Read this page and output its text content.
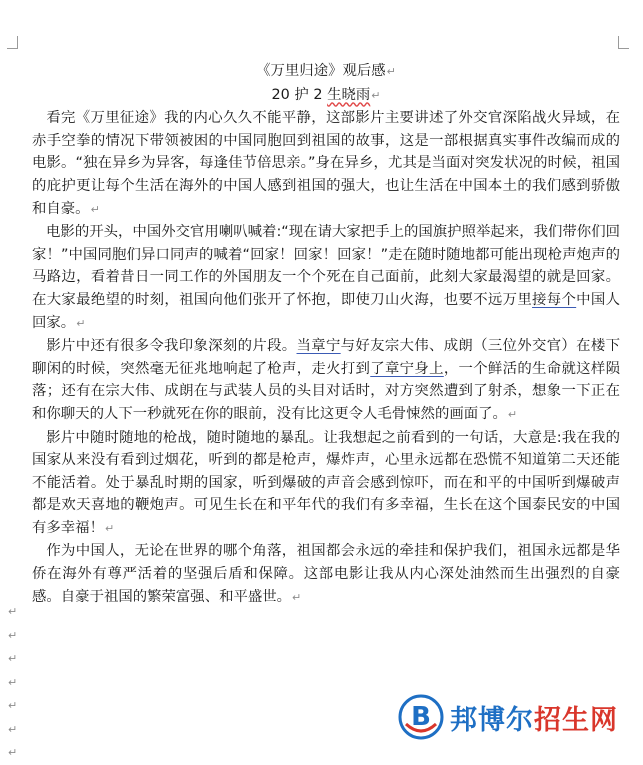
《万里归途》观后感↵

20 护 2 生晓雨↵

　看完《万里征途》我的内心久久不能平静，这部影片主要讲述了外交官深陷战火异域，在赤手空拳的情况下带领被困的中国同胞回到祖国的故事，这是一部根据真实事件改编而成的电影。“独在异乡为异客，每逢佳节倍思亲。”身在异乡，尤其是当面对突发状况的时候，祖国的庇护更让每个生活在海外的中国人感到祖国的强大，也让生活在中国本土的我们感到骄傲和自豪。↵

　电影的开头，中国外交官用喇叭喊着:“现在请大家把手上的国旗护照举起来，我们带你们回家！”中国同胞们异口同声的喊着“回家！回家！回家！”走在随时随地都可能出现枪声炮声的马路边，看着昔日一同工作的外国朋友一个个死在自己面前，此刻大家最渴望的就是回家。在大家最绝望的时刻，祖国向他们张开了怀抱，即使刀山火海，也要不远万里接每个中国人回家。↵

　影片中还有很多令我印象深刻的片段。当章宁与好友宗大伟、成朗（三位外交官）在楼下聊闲的时候，突然毫无征兆地响起了枪声，走火打到了章宁身上，一个鲜活的生命就这样陨落；还有在宗大伟、成朗在与武装人员的头目对话时，对方突然遭到了射杀，想象一下正在和你聊天的人下一秒就死在你的眼前，没有比这更令人毛骨悚然的画面了。↵

　影片中随时随地的枪战，随时随地的暴乱。让我想起之前看到的一句话，大意是:我在我的国家从来没有看到过烟花，听到的都是枪声，爆炸声，心里永远都在恐慌不知道第二天还能不能活着。处于暴乱时期的国家，听到爆破的声音会感到惊吓，而在和平的中国听到爆破声都是欢天喜地的鞭炮声。可见生长在和平年代的我们有多幸福，生长在这个国泰民安的中国有多幸福！↵

　作为中国人，无论在世界的哪个角落，祖国都会永远的牵挂和保护我们，祖国永远都是华侨在海外有尊严活着的坚强后盾和保障。这部电影让我从内心深处油然而生出强烈的自豪感。自豪于祖国的繁荣富强、和平盛世。↵

↵
↵
↵
↵
↵
↵
↵
B 邦博尔招生网
